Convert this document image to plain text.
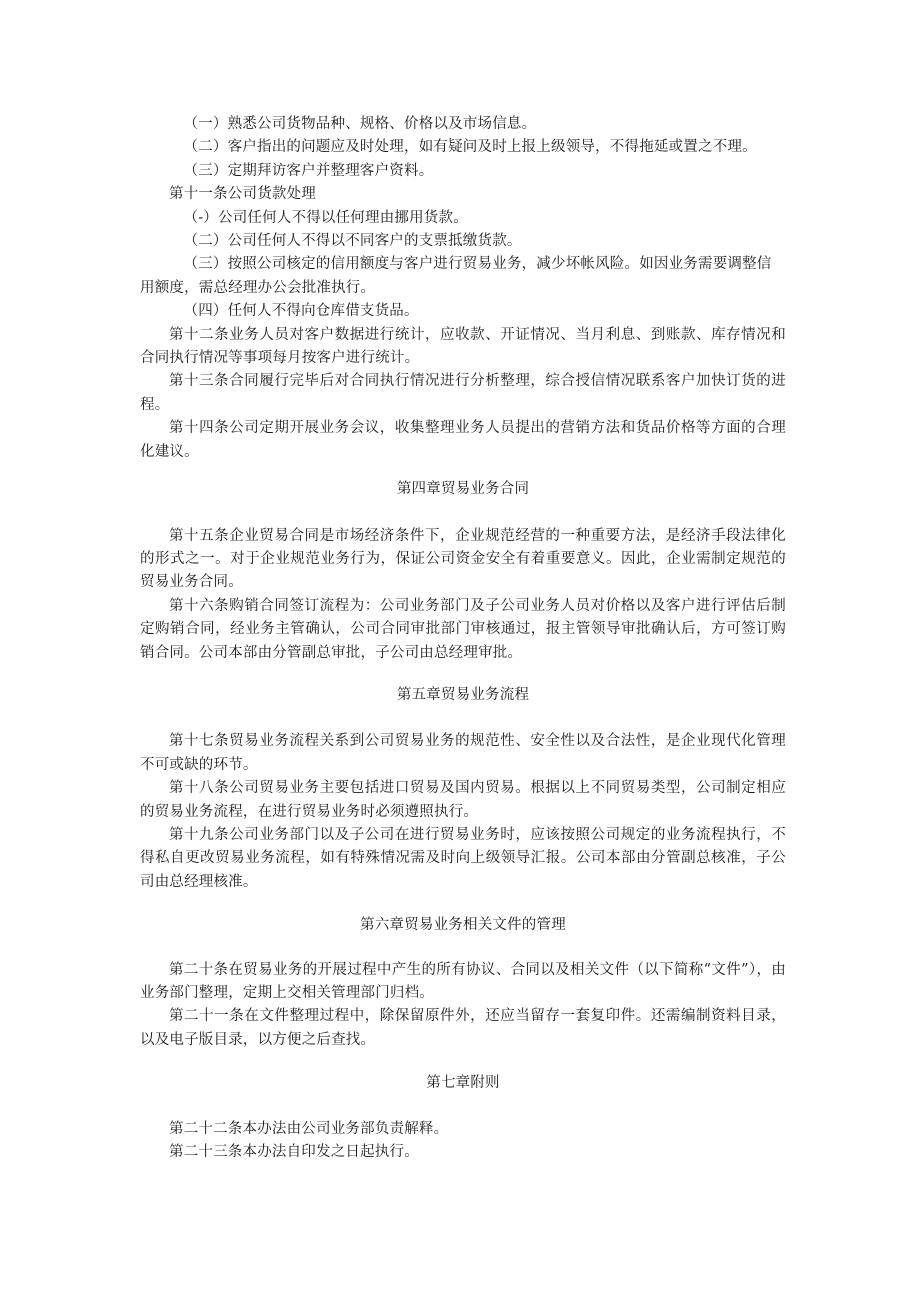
（一）熟悉公司货物品种、规格、价格以及市场信息。

（二）客户指出的问题应及时处理，如有疑问及时上报上级领导，不得拖延或置之不理。

（三）定期拜访客户并整理客户资料。

第十一条公司货款处理

（-）公司任何人不得以任何理由挪用货款。

（二）公司任何人不得以不同客户的支票抵缴货款。

（三）按照公司核定的信用额度与客户进行贸易业务，减少坏帐风险。如因业务需要调整信用额度，需总经理办公会批准执行。

（四）任何人不得向仓库借支货品。

第十二条业务人员对客户数据进行统计，应收款、开证情况、当月利息、到账款、库存情况和合同执行情况等事项每月按客户进行统计。

第十三条合同履行完毕后对合同执行情况进行分析整理，综合授信情况联系客户加快订货的进程。

第十四条公司定期开展业务会议，收集整理业务人员提出的营销方法和货品价格等方面的合理化建议。

第四章贸易业务合同

第十五条企业贸易合同是市场经济条件下，企业规范经营的一种重要方法，是经济手段法律化的形式之一。对于企业规范业务行为，保证公司资金安全有着重要意义。因此，企业需制定规范的贸易业务合同。

第十六条购销合同签订流程为：公司业务部门及子公司业务人员对价格以及客户进行评估后制定购销合同，经业务主管确认，公司合同审批部门审核通过，报主管领导审批确认后，方可签订购销合同。公司本部由分管副总审批，子公司由总经理审批。

第五章贸易业务流程

第十七条贸易业务流程关系到公司贸易业务的规范性、安全性以及合法性，是企业现代化管理不可或缺的环节。

第十八条公司贸易业务主要包括进口贸易及国内贸易。根据以上不同贸易类型，公司制定相应的贸易业务流程，在进行贸易业务时必须遵照执行。

第十九条公司业务部门以及子公司在进行贸易业务时，应该按照公司规定的业务流程执行，不得私自更改贸易业务流程，如有特殊情况需及时向上级领导汇报。公司本部由分管副总核准，子公司由总经理核准。

第六章贸易业务相关文件的管理

第二十条在贸易业务的开展过程中产生的所有协议、合同以及相关文件（以下简称“文件”），由业务部门整理，定期上交相关管理部门归档。

第二十一条在文件整理过程中，除保留原件外，还应当留存一套复印件。还需编制资料目录，以及电子版目录，以方便之后查找。

第七章附则

第二十二条本办法由公司业务部负责解释。

第二十三条本办法自印发之日起执行。
